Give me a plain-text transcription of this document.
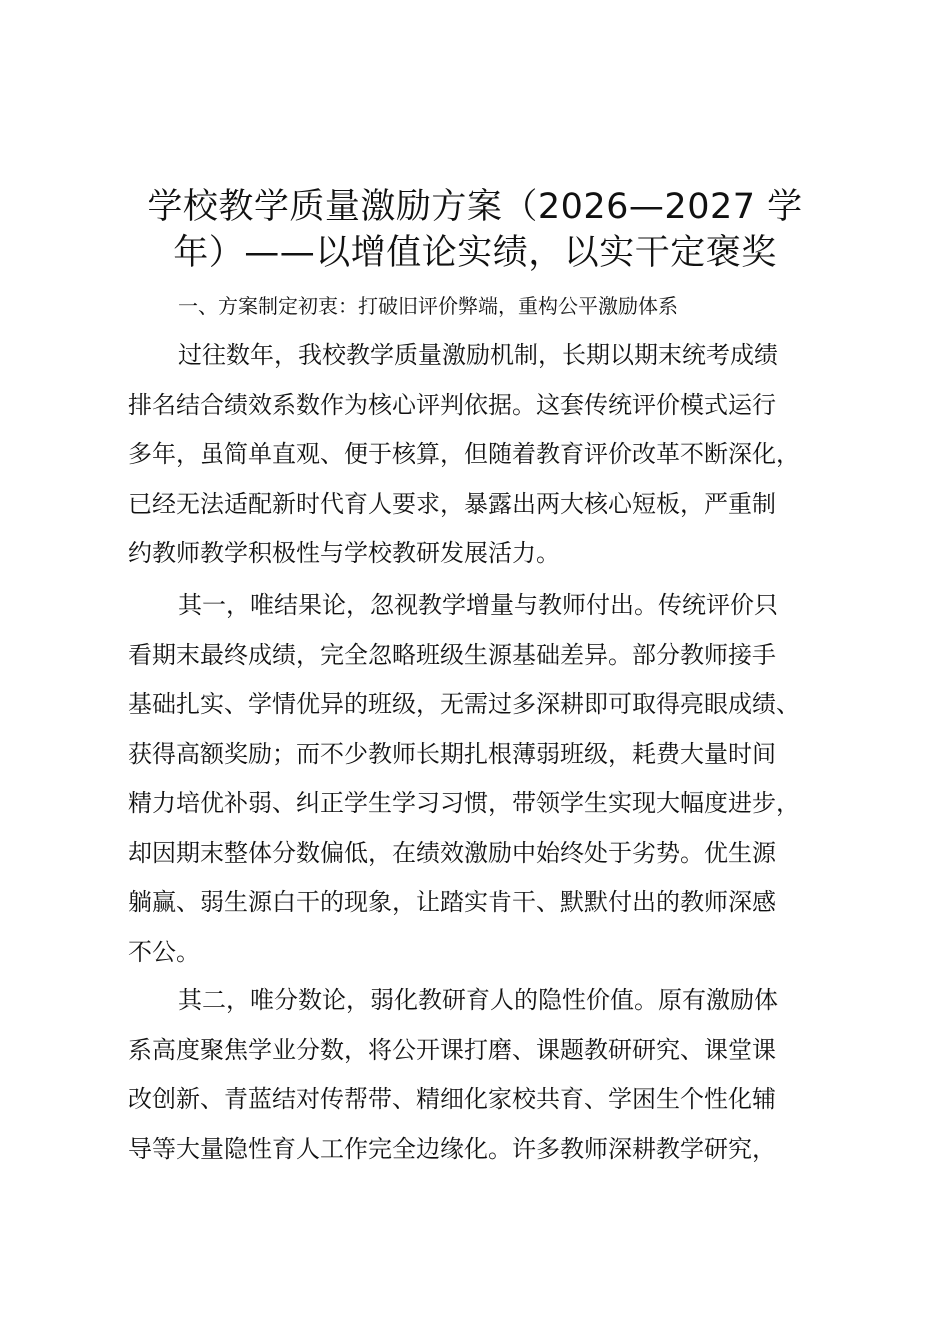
学校教学质量激励方案（2026—2027 学
年）——以增值论实绩，以实干定褒奖
一、方案制定初衷：打破旧评价弊端，重构公平激励体系
过往数年，我校教学质量激励机制，长期以期末统考成绩
排名结合绩效系数作为核心评判依据。这套传统评价模式运行
多年，虽简单直观、便于核算，但随着教育评价改革不断深化，
已经无法适配新时代育人要求，暴露出两大核心短板，严重制
约教师教学积极性与学校教研发展活力。
其一，唯结果论，忽视教学增量与教师付出。传统评价只
看期末最终成绩，完全忽略班级生源基础差异。部分教师接手
基础扎实、学情优异的班级，无需过多深耕即可取得亮眼成绩、
获得高额奖励；而不少教师长期扎根薄弱班级，耗费大量时间
精力培优补弱、纠正学生学习习惯，带领学生实现大幅度进步，
却因期末整体分数偏低，在绩效激励中始终处于劣势。优生源
躺赢、弱生源白干的现象，让踏实肯干、默默付出的教师深感
不公。
其二，唯分数论，弱化教研育人的隐性价值。原有激励体
系高度聚焦学业分数，将公开课打磨、课题教研研究、课堂课
改创新、青蓝结对传帮带、精细化家校共育、学困生个性化辅
导等大量隐性育人工作完全边缘化。许多教师深耕教学研究，
